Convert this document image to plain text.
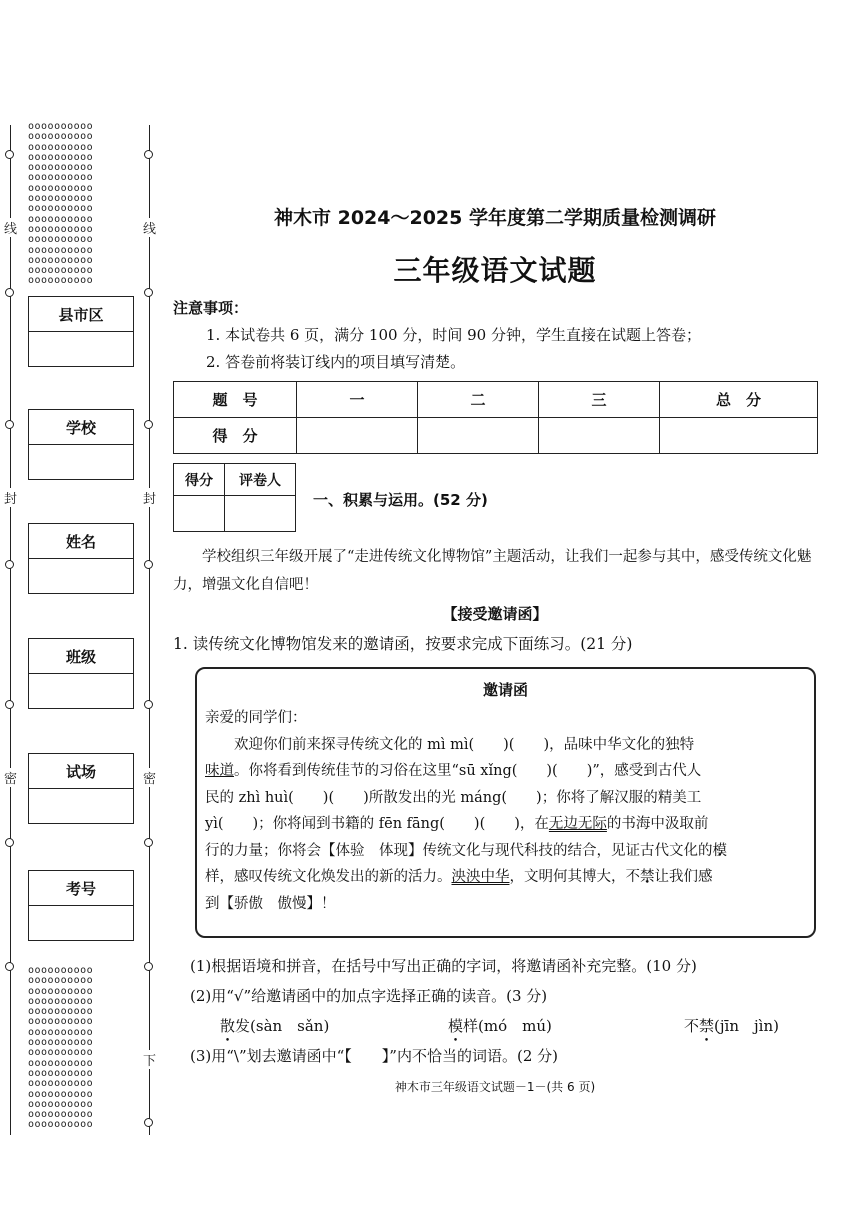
oooooooooo
oooooooooo
oooooooooo
oooooooooo
oooooooooo
oooooooooo
oooooooooo
oooooooooo
oooooooooo
oooooooooo
oooooooooo
oooooooooo
oooooooooo
oooooooooo
oooooooooo
oooooooooo
oooooooooo
oooooooooo
oooooooooo
oooooooooo
oooooooooo
oooooooooo
oooooooooo
oooooooooo
oooooooooo
oooooooooo
oooooooooo
oooooooooo
oooooooooo
oooooooooo
oooooooooo
oooooooooo
线	线
封	封
密	密
下
县市区
学校
姓名
班级
试场
考号
神木市 2024～2025 学年度第二学期质量检测调研
三年级语文试题
注意事项：
1. 本试卷共 6 页，满分 100 分，时间 90 分钟，学生直接在试题上答卷；
2. 答卷前将装订线内的项目填写清楚。
题　号	一	二	三	总　分
得　分				
得分	评卷人

一、积累与运用。(52 分)
学校组织三年级开展了“走进传统文化博物馆”主题活动，让我们一起参与其中，感受传统文化魅力，增强文化自信吧！
【接受邀请函】
1. 读传统文化博物馆发来的邀请函，按要求完成下面练习。(21 分)
邀请函
亲爱的同学们：
欢迎你们前来探寻传统文化的 mì mì(　　)(　　)，品味中华文化的独特
味道。你将看到传统佳节的习俗在这里“sū xǐng(　　)(　　)”，感受到古代人
民的 zhì huì(　　)(　　)所散发出的光 máng(　　)；你将了解汉服的精美工
yì(　　)；你将闻到书籍的 fēn fāng(　　)(　　)，在无边无际的书海中汲取前
行的力量；你将会【体验　体现】传统文化与现代科技的结合，见证古代文化的模
样，感叹传统文化焕发出的新的活力。泱泱中华，文明何其博大，不禁让我们感
到【骄傲　傲慢】！
(1)根据语境和拼音，在括号中写出正确的字词，将邀请函补充完整。(10 分)
(2)用“√”给邀请函中的加点字选择正确的读音。(3 分)
散发(sàn　sǎn)	模样(mó　mú)	不禁(jīn　jìn)
(3)用“\”划去邀请函中“【　　】”内不恰当的词语。(2 分)
神木市三年级语文试题－1－(共 6 页)
